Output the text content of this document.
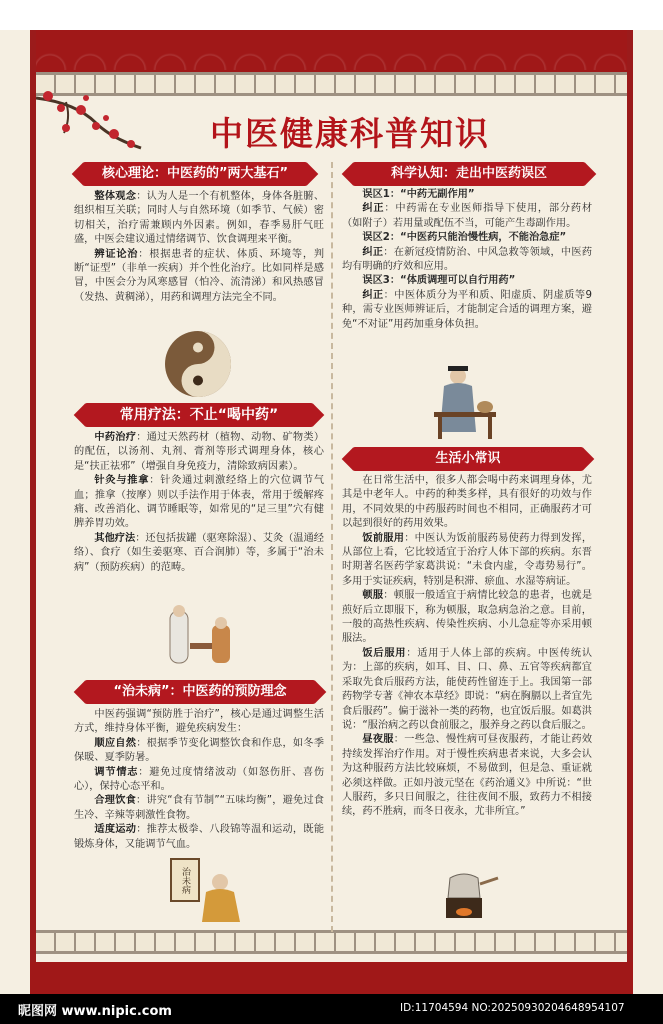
中医健康科普知识
核心理论：中医药的”两大基石”

整体观念：认为人是一个有机整体，身体各脏腑、组织相互关联；同时人与自然环境（如季节、气候）密切相关，治疗需兼顾内外因素。例如，春季易肝气旺盛，中医会建议通过情绪调节、饮食调理来平衡。

辨证论治：根据患者的症状、体质、环境等，判断“证型”（非单一疾病）并个性化治疗。比如同样是感冒，中医会分为风寒感冒（怕冷、流清涕）和风热感冒（发热、黄稠涕），用药和调理方法完全不同。

常用疗法：不止“喝中药”

中药治疗：通过天然药材（植物、动物、矿物类）的配伍，以汤剂、丸剂、膏剂等形式调理身体，核心是“扶正祛邪”（增强自身免疫力，清除致病因素）。

针灸与推拿：针灸通过刺激经络上的穴位调节气血；推拿（按摩）则以手法作用于体表，常用于缓解疼痛、改善消化、调节睡眠等，如常见的“足三里”穴有健脾养胃功效。

其他疗法：还包括拔罐（驱寒除湿）、艾灸（温通经络）、食疗（如生姜驱寒、百合润肺）等，多属于“治未病”（预防疾病）的范畴。

“治未病”：中医药的预防理念

中医药强调“预防胜于治疗”，核心是通过调整生活方式，维持身体平衡，避免疾病发生：

顺应自然：根据季节变化调整饮食和作息，如冬季保暖、夏季防暑。

调节情志：避免过度情绪波动（如怒伤肝、喜伤心），保持心态平和。

合理饮食：讲究“食有节制”“五味均衡”，避免过食生冷、辛辣等刺激性食物。

适度运动：推荐太极拳、八段锦等温和运动，既能锻炼身体，又能调节气血。

治未病
科学认知：走出中医药误区

误区1：“中药无副作用”

纠正：中药需在专业医师指导下使用，部分药材（如附子）若用量或配伍不当，可能产生毒副作用。

误区2：“中医药只能治慢性病，不能治急症”

纠正：在新冠疫情防治、中风急救等领域，中医药均有明确的疗效和应用。

误区3：“体质调理可以自行用药”

纠正：中医体质分为平和质、阳虚质、阴虚质等9种，需专业医师辨证后，才能制定合适的调理方案，避免“不对证”用药加重身体负担。

生活小常识

在日常生活中，很多人都会喝中药来调理身体，尤其是中老年人。中药的种类多样，具有很好的功效与作用，不同效果的中药服药时间也不相同，正确服药才可以起到很好的药用效果。

饭前服用：中医认为饭前服药易使药力得到发挥，从部位上看，它比较适宜于治疗人体下部的疾病。东晋时期著名医药学家葛洪说：“未食内虚，令毒势易行”。多用于实证疾病，特别是积滞、瘀血、水湿等病证。

顿服：顿服一般适宜于病情比较急的患者，也就是煎好后立即服下，称为顿服，取急病急治之意。目前，一般的高热性疾病、传染性疾病、小儿急症等亦采用顿服法。

饭后服用：适用于人体上部的疾病。中医传统认为：上部的疾病，如耳、目、口、鼻、五官等疾病都宜采取先食后服药方法，能使药性留连于上。我国第一部药物学专著《神农本草经》即说：“病在胸膈以上者宜先食后服药”。偏于滋补一类的药物，也宜饭后服。如葛洪说：“服治病之药以食前服之，服养身之药以食后服之。

昼夜服：一些急、慢性病可昼夜服药，才能让药效持续发挥治疗作用。对于慢性疾病患者来说，大多会认为这种服药方法比较麻烦，不易做到，但是急、重证就必须这样做。正如丹波元坚在《药治通义》中所说：“世人服药，多只日间服之，往往夜间不服，致药力不相接续，药不胜病，而冬日夜永，尤非所宜。”

昵图网 www.nipic.com	ID:11704594 NO:20250930204648954107
